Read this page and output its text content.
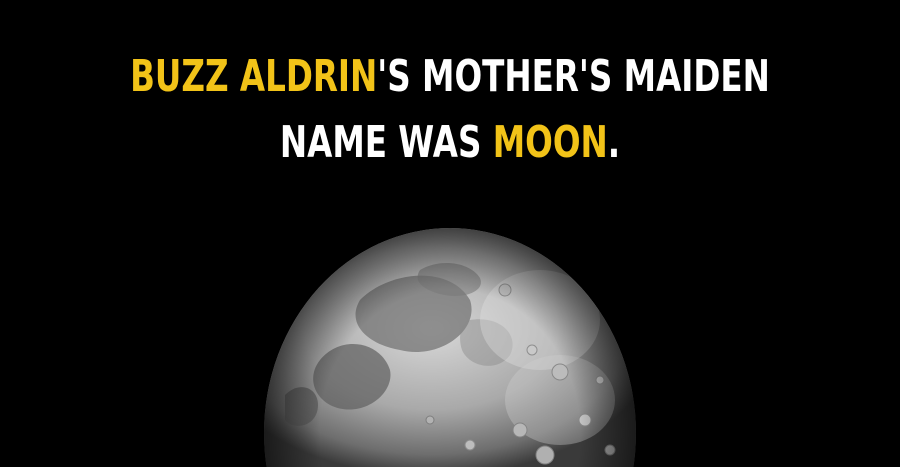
BUZZ ALDRIN'S MOTHER'S MAIDEN
NAME WAS MOON.
